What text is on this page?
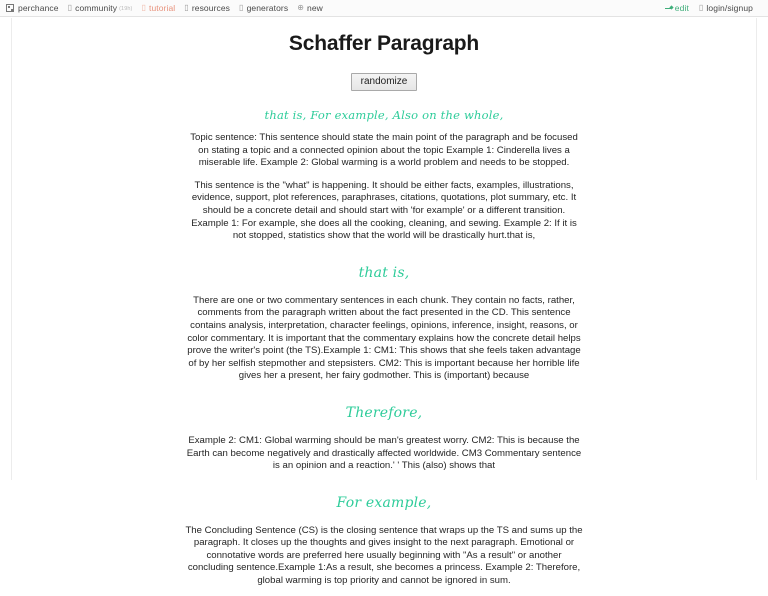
perchance ▯ community (19h) ▯ tutorial ▯ resources ▯ generators ⊕ new	edit ▯ login/signup
Schaffer Paragraph
randomize
that is, For example, Also on the whole,

Topic sentence: This sentence should state the main point of the paragraph and be focused on stating a topic and a connected opinion about the topic Example 1: Cinderella lives a miserable life. Example 2: Global warming is a world problem and needs to be stopped.

This sentence is the "what" is happening. It should be either facts, examples, illustrations, evidence, support, plot references, paraphrases, citations, quotations, plot summary, etc. It should be a concrete detail and should start with 'for example' or a different transition. Example 1: For example, she does all the cooking, cleaning, and sewing. Example 2: If it is not stopped, statistics show that the world will be drastically hurt.that is,

that is,

There are one or two commentary sentences in each chunk. They contain no facts, rather, comments from the paragraph written about the fact presented in the CD. This sentence contains analysis, interpretation, character feelings, opinions, inference, insight, reasons, or color commentary. It is important that the commentary explains how the concrete detail helps prove the writer's point (the TS).Example 1: CM1: This shows that she feels taken advantage of by her selfish stepmother and stepsisters. CM2: This is important because her horrible life gives her a present, her fairy godmother. This is (important) because

Therefore,

Example 2: CM1: Global warming should be man's greatest worry. CM2: This is because the Earth can become negatively and drastically affected worldwide. CM3 Commentary sentence is an opinion and a reaction.' ' This (also) shows that

For example,

The Concluding Sentence (CS) is the closing sentence that wraps up the TS and sums up the paragraph. It closes up the thoughts and gives insight to the next paragraph. Emotional or connotative words are preferred here usually beginning with "As a result" or another concluding sentence.Example 1:As a result, she becomes a princess. Example 2: Therefore, global warming is top priority and cannot be ignored in sum.
